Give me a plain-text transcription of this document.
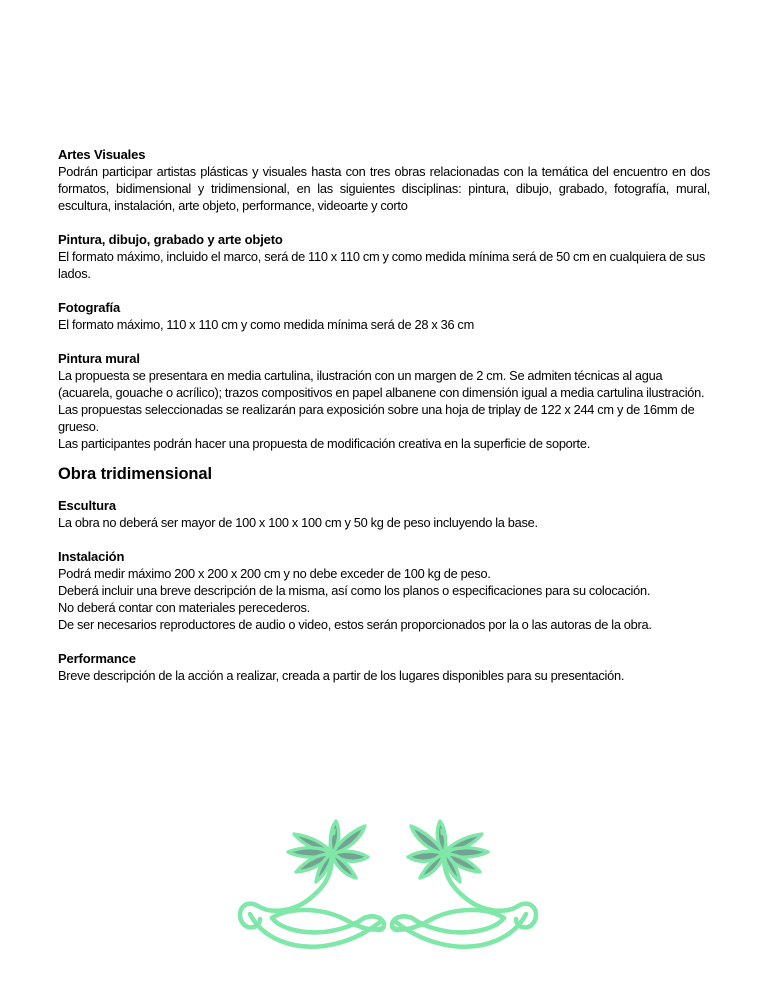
Artes Visuales

Podrán participar artistas plásticas y visuales hasta con tres obras relacionadas con la temática del encuentro en dos formatos, bidimensional y tridimensional, en las siguientes disciplinas: pintura, dibujo, grabado, fotografía, mural, escultura, instalación, arte objeto, performance, videoarte y corto

Pintura, dibujo, grabado y arte objeto

El formato máximo, incluido el marco, será de 110 x 110 cm y como medida mínima será de 50 cm en cualquiera de sus lados.

Fotografía

El formato máximo, 110 x 110 cm y como medida mínima será de 28 x 36 cm

Pintura mural

La propuesta se presentara en media cartulina, ilustración con un margen de 2 cm. Se admiten técnicas al agua (acuarela, gouache o acrílico); trazos compositivos en papel albanene con dimensión igual a media cartulina ilustración.

Las propuestas seleccionadas se realizarán para exposición sobre una hoja de triplay de 122 x 244 cm y de 16mm de grueso.

Las participantes podrán hacer una propuesta de modificación creativa en la superficie de soporte.

Obra tridimensional
Escultura

La obra no deberá ser mayor de 100 x 100 x 100 cm y 50 kg de peso incluyendo la base.

Instalación

Podrá medir máximo 200 x 200 x 200 cm y no debe exceder de 100 kg de peso.

Deberá incluir una breve descripción de la misma, así como los planos o especificaciones para su colocación.

No deberá contar con materiales perecederos.

De ser necesarios reproductores de audio o video, estos serán proporcionados por la o las autoras de la obra.

Performance

Breve descripción de la acción a realizar, creada a partir de los lugares disponibles para su presentación.
